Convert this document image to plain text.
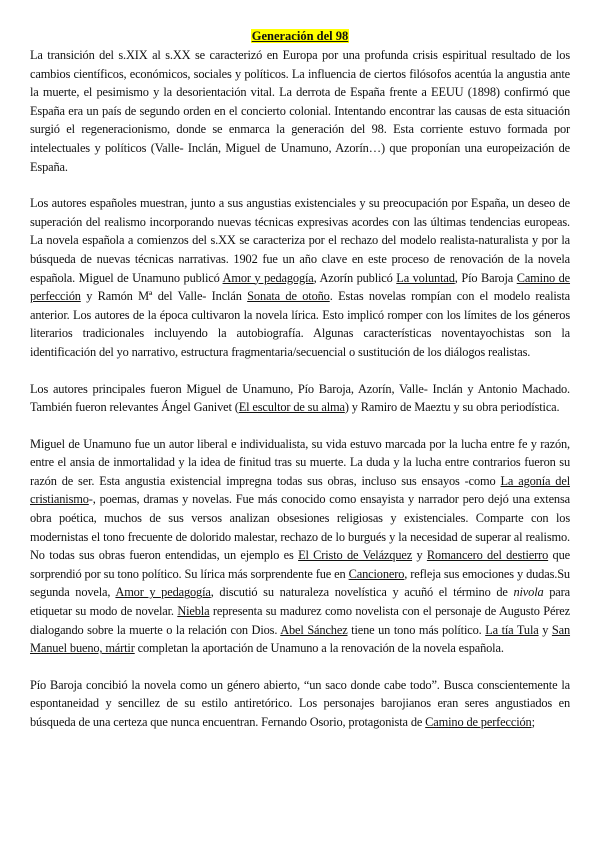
Generación del 98

La transición del s.XIX al s.XX se caracterizó en Europa por una profunda crisis espiritual resultado de los cambios científicos, económicos, sociales y políticos. La influencia de ciertos filósofos acentúa la angustia ante la muerte, el pesimismo y la desorientación vital. La derrota de España frente a EEUU (1898) confirmó que España era un país de segundo orden en el concierto colonial. Intentando encontrar las causas de esta situación surgió el regeneracionismo, donde se enmarca la generación del 98. Esta corriente estuvo formada por intelectuales y políticos (Valle- Inclán, Miguel de Unamuno, Azorín…) que proponían una europeización de España.

Los autores españoles muestran, junto a sus angustias existenciales y su preocupación por España, un deseo de superación del realismo incorporando nuevas técnicas expresivas acordes con las últimas tendencias europeas. La novela española a comienzos del s.XX se caracteriza por el rechazo del modelo realista-naturalista y por la búsqueda de nuevas técnicas narrativas. 1902 fue un año clave en este proceso de renovación de la novela española. Miguel de Unamuno publicó Amor y pedagogía, Azorín publicó La voluntad, Pío Baroja Camino de perfección y Ramón Mª del Valle- Inclán Sonata de otoño. Estas novelas rompían con el modelo realista anterior. Los autores de la época cultivaron la novela lírica. Esto implicó romper con los límites de los géneros literarios tradicionales incluyendo la autobiografía. Algunas características noventayochistas son la identificación del yo narrativo, estructura fragmentaria/secuencial o sustitución de los diálogos realistas.

Los autores principales fueron Miguel de Unamuno, Pío Baroja, Azorín, Valle- Inclán y Antonio Machado. También fueron relevantes Ángel Ganivet (El escultor de su alma) y Ramiro de Maeztu y su obra periodística.

Miguel de Unamuno fue un autor liberal e individualista, su vida estuvo marcada por la lucha entre fe y razón, entre el ansia de inmortalidad y la idea de finitud tras su muerte. La duda y la lucha entre contrarios fueron su razón de ser. Esta angustia existencial impregna todas sus obras, incluso sus ensayos -como La agonía del cristianismo-, poemas, dramas y novelas. Fue más conocido como ensayista y narrador pero dejó una extensa obra poética, muchos de sus versos analizan obsesiones religiosas y existenciales. Comparte con los modernistas el tono frecuente de dolorido malestar, rechazo de lo burgués y la necesidad de superar al realismo. No todas sus obras fueron entendidas, un ejemplo es El Cristo de Velázquez y Romancero del destierro que sorprendió por su tono político. Su lírica más sorprendente fue en Cancionero, refleja sus emociones y dudas.Su segunda novela, Amor y pedagogía, discutió su naturaleza novelística y acuñó el término de nivola para etiquetar su modo de novelar. Niebla representa su madurez como novelista con el personaje de Augusto Pérez dialogando sobre la muerte o la relación con Dios. Abel Sánchez tiene un tono más político. La tía Tula y San Manuel bueno, mártir completan la aportación de Unamuno a la renovación de la novela española.

Pío Baroja concibió la novela como un género abierto, “un saco donde cabe todo”. Busca conscientemente la espontaneidad y sencillez de su estilo antiretórico. Los personajes barojianos eran seres angustiados en búsqueda de una certeza que nunca encuentran. Fernando Osorio, protagonista de Camino de perfección;
